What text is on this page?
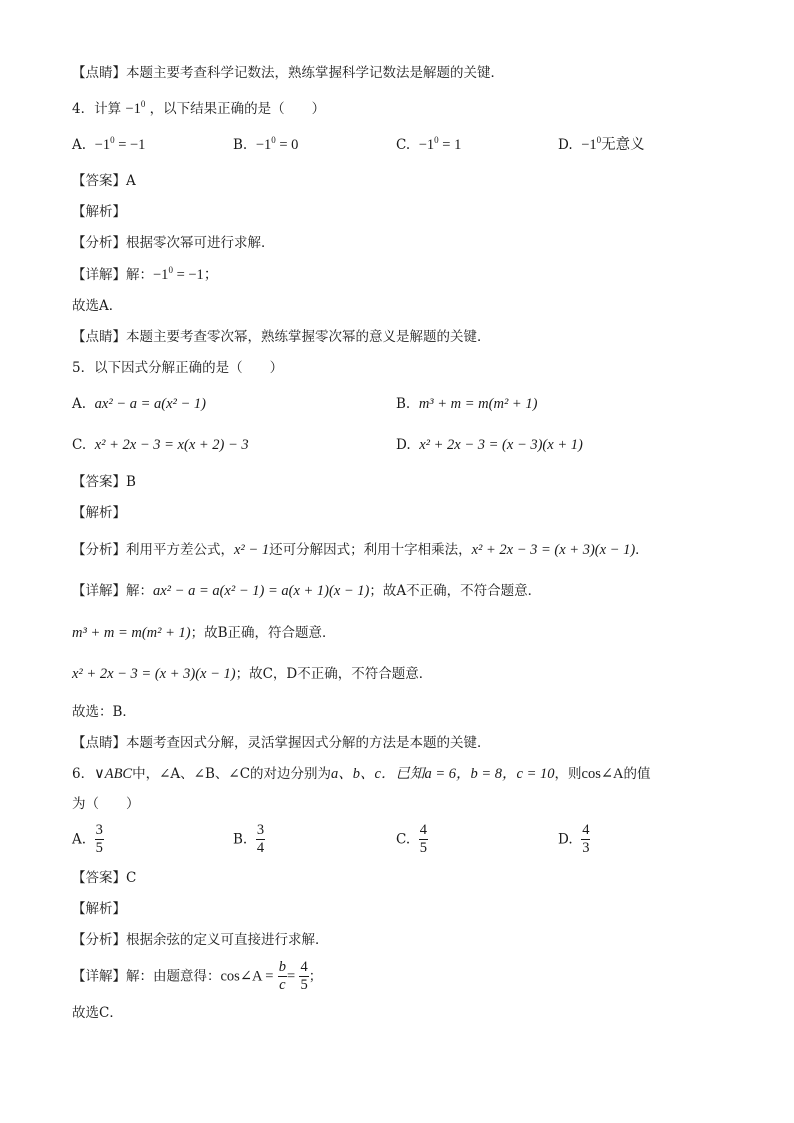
【点睛】本题主要考查科学记数法，熟练掌握科学记数法是解题的关键．
4．计算 $-1^0$ ，以下结果正确的是（　　）
A. $-1^0 = -1$	B. $-1^0 = 0$	C. $-1^0 = 1$	D. $-1^0$无意义
【答案】A
【解析】
【分析】根据零次幂可进行求解．
【详解】解：$-1^0 = -1$；
故选A．
【点睛】本题主要考查零次幂，熟练掌握零次幂的意义是解题的关键．
5．以下因式分解正确的是（　　）
A. ax² − a = a(x² − 1)	B. m³ + m = m(m² + 1)
C. x² + 2x − 3 = x(x + 2) − 3	D. x² + 2x − 3 = (x − 3)(x + 1)
【答案】B
【解析】
【分析】利用平方差公式，x² − 1还可分解因式；利用十字相乘法，x² + 2x − 3 = (x + 3)(x − 1)．
【详解】解：ax² − a = a(x² − 1) = a(x + 1)(x − 1)；故A不正确，不符合题意．
m³ + m = m(m² + 1)；故B正确，符合题意．
x² + 2x − 3 = (x + 3)(x − 1)；故C，D不正确，不符合题意．
故选：B．
【点睛】本题考查因式分解，灵活掌握因式分解的方法是本题的关键．
6．∨ABC中，∠A、∠B、∠C的对边分别为a、b、c．已知a = 6，b = 8，c = 10，则cos∠A的值
为（　　）
A. $\frac{3}{5}$	B. $\frac{3}{4}$	C. $\frac{4}{5}$	D. $\frac{4}{3}$
【答案】C
【解析】
【分析】根据余弦的定义可直接进行求解．
【详解】解：由题意得：cos∠A = $\frac{b}{c} = \frac{4}{5}$ ；
故选C．
